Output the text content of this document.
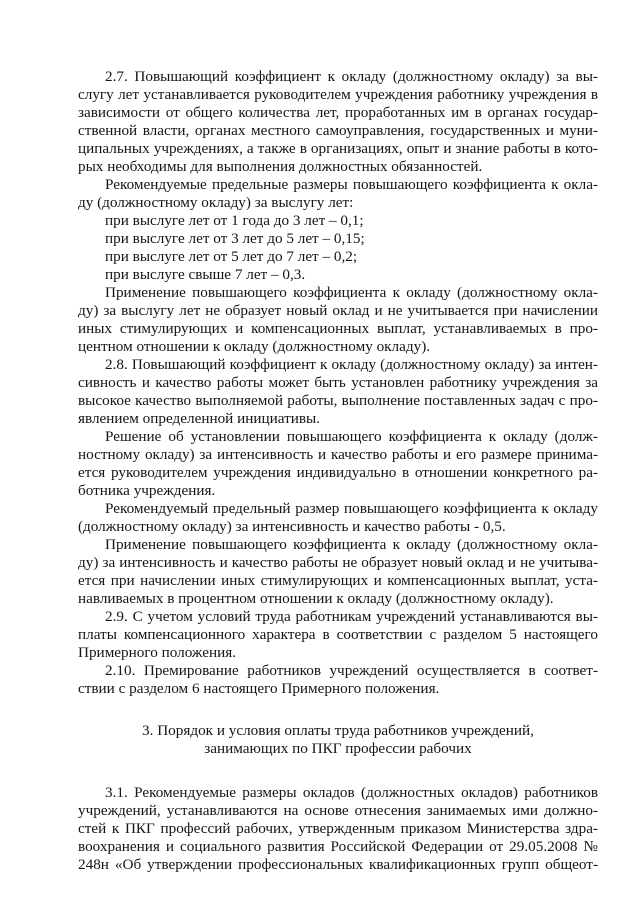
2.7. Повышающий коэффициент к окладу (должностному окладу) за вы-
слугу лет устанавливается руководителем учреждения работнику учреждения в
зависимости от общего количества лет, проработанных им в органах государ-
ственной власти, органах местного самоуправления, государственных и муни-
ципальных учреждениях, а также в организациях, опыт и знание работы в кото-
рых необходимы для выполнения должностных обязанностей.
Рекомендуемые предельные размеры повышающего коэффициента к окла-
ду (должностному окладу) за выслугу лет:
при выслуге лет от 1 года до 3 лет – 0,1;
при выслуге лет от 3 лет до 5 лет – 0,15;
при выслуге лет от 5 лет до 7 лет – 0,2;
при выслуге свыше 7 лет – 0,3.
Применение повышающего коэффициента к окладу (должностному окла-
ду) за выслугу лет не образует новый оклад и не учитывается при начислении
иных стимулирующих и компенсационных выплат, устанавливаемых в про-
центном отношении к окладу (должностному окладу).
2.8. Повышающий коэффициент к окладу (должностному окладу) за интен-
сивность и качество работы может быть установлен работнику учреждения за
высокое качество выполняемой работы, выполнение поставленных задач с про-
явлением определенной инициативы.
Решение об установлении повышающего коэффициента к окладу (долж-
ностному окладу) за интенсивность и качество работы и его размере принима-
ется руководителем учреждения индивидуально в отношении конкретного ра-
ботника учреждения.
Рекомендуемый предельный размер повышающего коэффициента к окладу
(должностному окладу) за интенсивность и качество работы - 0,5.
Применение повышающего коэффициента к окладу (должностному окла-
ду) за интенсивность и качество работы не образует новый оклад и не учитыва-
ется при начислении иных стимулирующих и компенсационных выплат, уста-
навливаемых в процентном отношении к окладу (должностному окладу).
2.9. С учетом условий труда работникам учреждений устанавливаются вы-
платы компенсационного характера в соответствии с разделом 5 настоящего
Примерного положения.
2.10. Премирование работников учреждений осуществляется в соответ-
ствии с разделом 6 настоящего Примерного положения.
3. Порядок и условия оплаты труда работников учреждений,
занимающих по ПКГ профессии рабочих
3.1. Рекомендуемые размеры окладов (должностных окладов) работников
учреждений, устанавливаются на основе отнесения занимаемых ими должно-
стей к ПКГ профессий рабочих, утвержденным приказом Министерства здра-
воохранения и социального развития Российской Федерации от 29.05.2008 №
248н «Об утверждении профессиональных квалификационных групп общеот-
